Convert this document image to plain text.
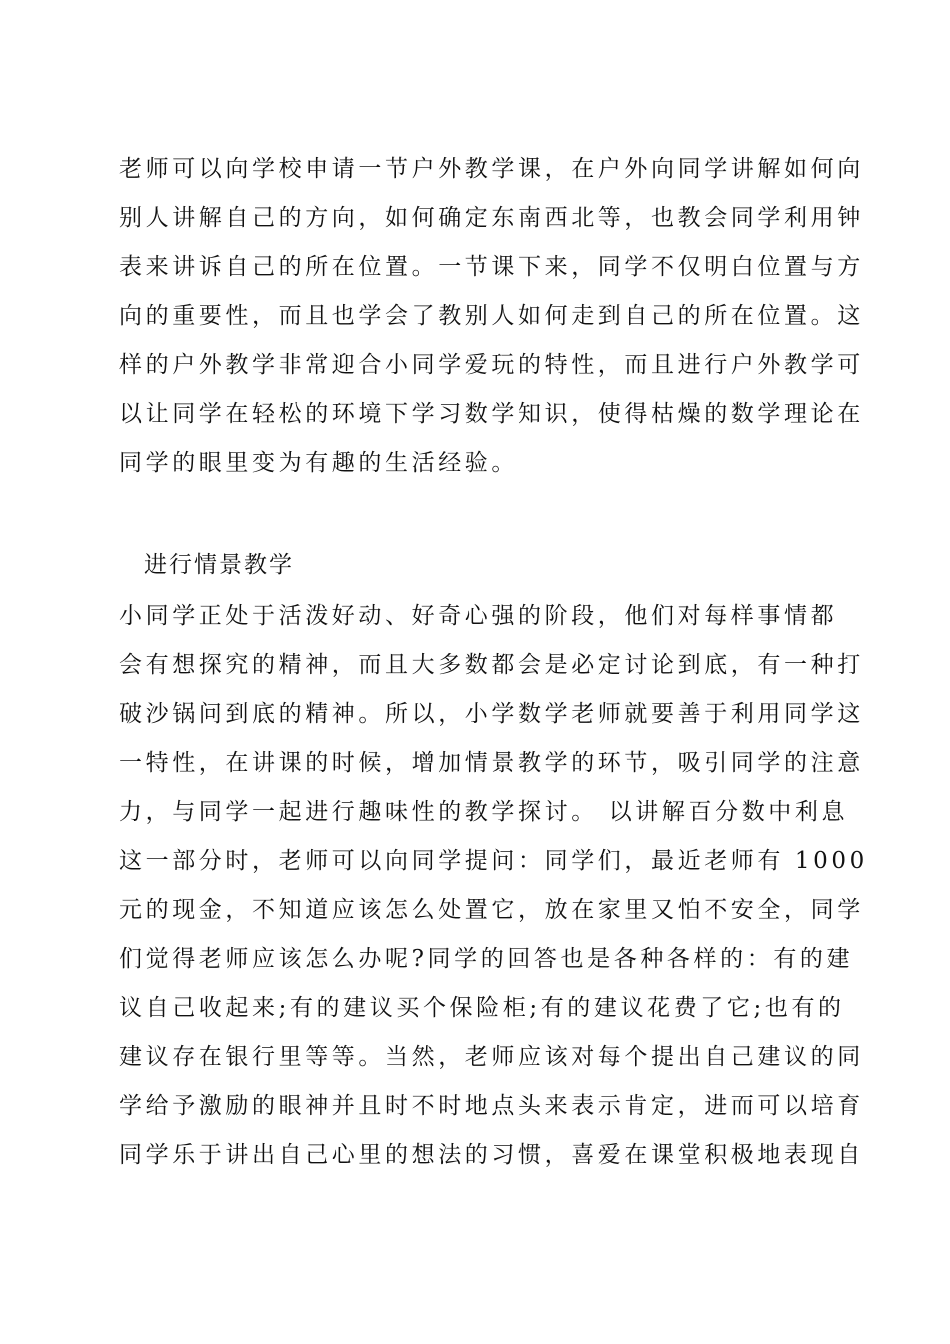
老师可以向学校申请一节户外教学课，在户外向同学讲解如何向
别人讲解自己的方向，如何确定东南西北等，也教会同学利用钟
表来讲诉自己的所在位置。一节课下来，同学不仅明白位置与方
向的重要性，而且也学会了教别人如何走到自己的所在位置。这
样的户外教学非常迎合小同学爱玩的特性，而且进行户外教学可
以让同学在轻松的环境下学习数学知识，使得枯燥的数学理论在
同学的眼里变为有趣的生活经验。
进行情景教学
小同学正处于活泼好动、好奇心强的阶段，他们对每样事情都
会有想探究的精神，而且大多数都会是必定讨论到底，有一种打
破沙锅问到底的精神。所以，小学数学老师就要善于利用同学这
一特性，在讲课的时候，增加情景教学的环节，吸引同学的注意
力，与同学一起进行趣味性的教学探讨。 以讲解百分数中利息
这一部分时，老师可以向同学提问：同学们，最近老师有 1000
元的现金，不知道应该怎么处置它，放在家里又怕不安全，同学
们觉得老师应该怎么办呢?同学的回答也是各种各样的：有的建
议自己收起来;有的建议买个保险柜;有的建议花费了它;也有的
建议存在银行里等等。当然，老师应该对每个提出自己建议的同
学给予激励的眼神并且时不时地点头来表示肯定，进而可以培育
同学乐于讲出自己心里的想法的习惯，喜爱在课堂积极地表现自
